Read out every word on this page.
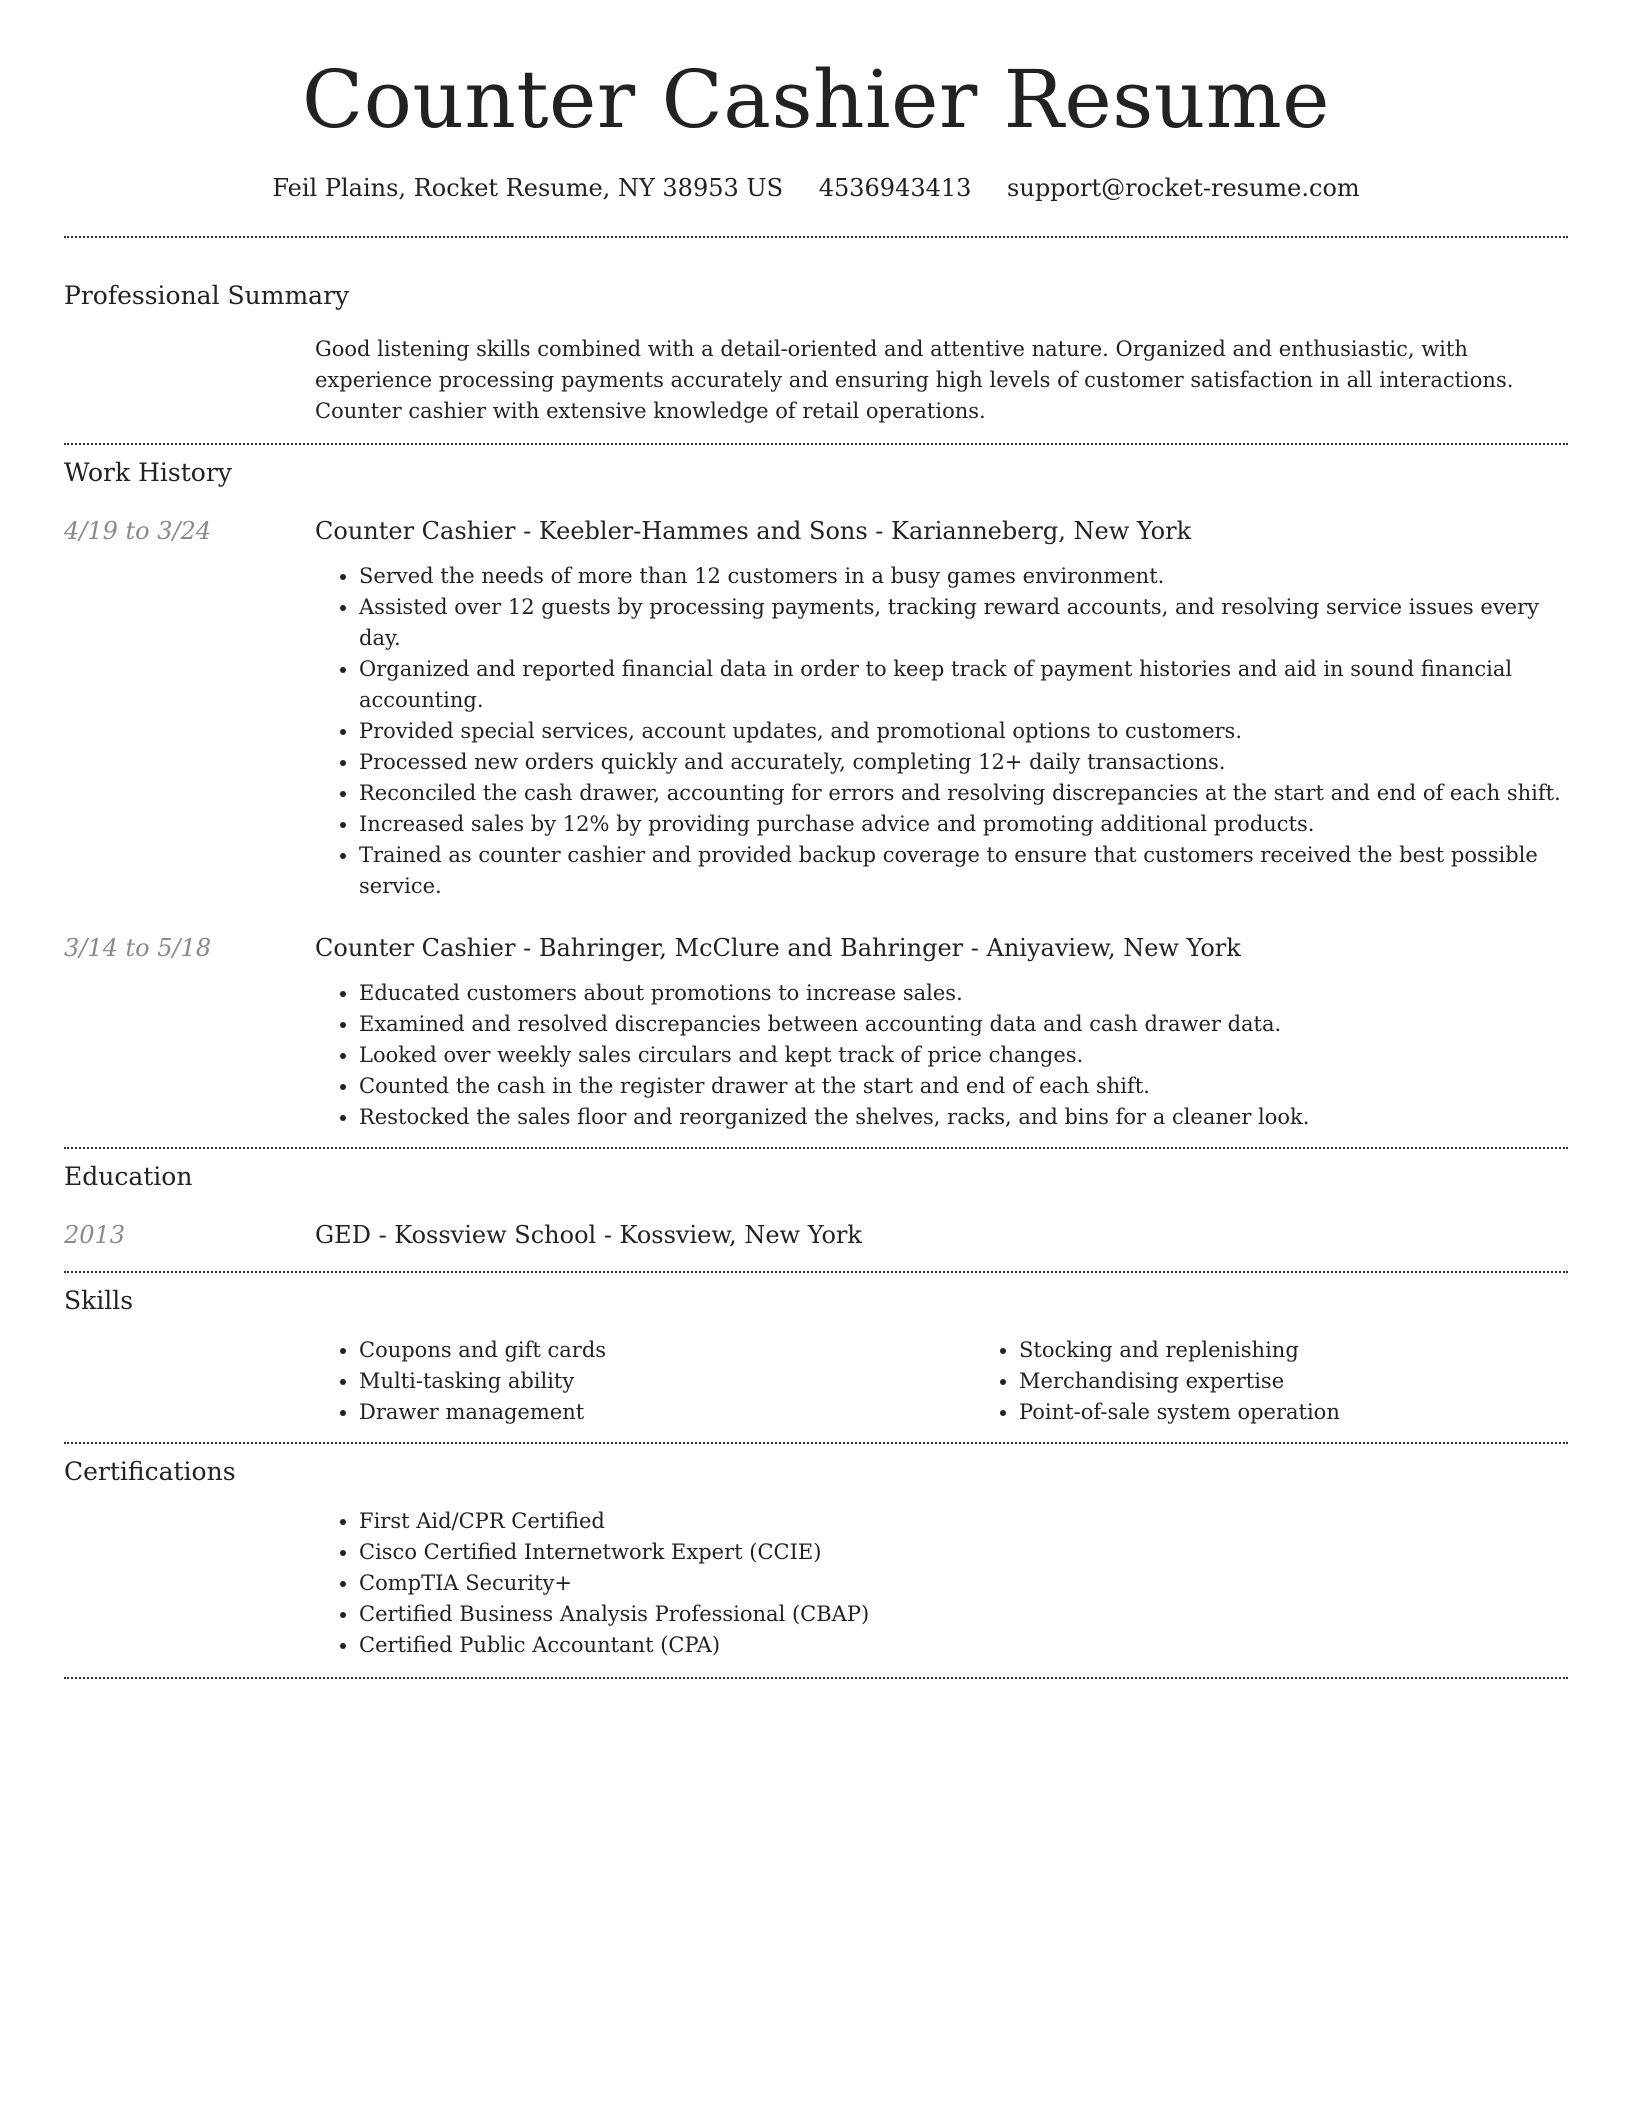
Counter Cashier Resume
Feil Plains, Rocket Resume, NY 38953 US 4536943413 support@rocket-resume.com
Professional Summary

Good listening skills combined with a detail-oriented and attentive nature. Organized and enthusiastic, with experience processing payments accurately and ensuring high levels of customer satisfaction in all interactions. Counter cashier with extensive knowledge of retail operations.

Work History
4/19 to 3/24	Counter Cashier - Keebler-Hammes and Sons - Karianneberg, New York
• Served the needs of more than 12 customers in a busy games environment.
• Assisted over 12 guests by processing payments, tracking reward accounts, and resolving service issues every day.
• Organized and reported financial data in order to keep track of payment histories and aid in sound financial accounting.
• Provided special services, account updates, and promotional options to customers.
• Processed new orders quickly and accurately, completing 12+ daily transactions.
• Reconciled the cash drawer, accounting for errors and resolving discrepancies at the start and end of each shift.
• Increased sales by 12% by providing purchase advice and promoting additional products.
• Trained as counter cashier and provided backup coverage to ensure that customers received the best possible service.
3/14 to 5/18	Counter Cashier - Bahringer, McClure and Bahringer - Aniyaview, New York
• Educated customers about promotions to increase sales.
• Examined and resolved discrepancies between accounting data and cash drawer data.
• Looked over weekly sales circulars and kept track of price changes.
• Counted the cash in the register drawer at the start and end of each shift.
• Restocked the sales floor and reorganized the shelves, racks, and bins for a cleaner look.
Education
2013	GED - Kossview School - Kossview, New York
Skills
• Coupons and gift cards
• Multi-tasking ability
• Drawer management
• Stocking and replenishing
• Merchandising expertise
• Point-of-sale system operation
Certifications
• First Aid/CPR Certified
• Cisco Certified Internetwork Expert (CCIE)
• CompTIA Security+
• Certified Business Analysis Professional (CBAP)
• Certified Public Accountant (CPA)
